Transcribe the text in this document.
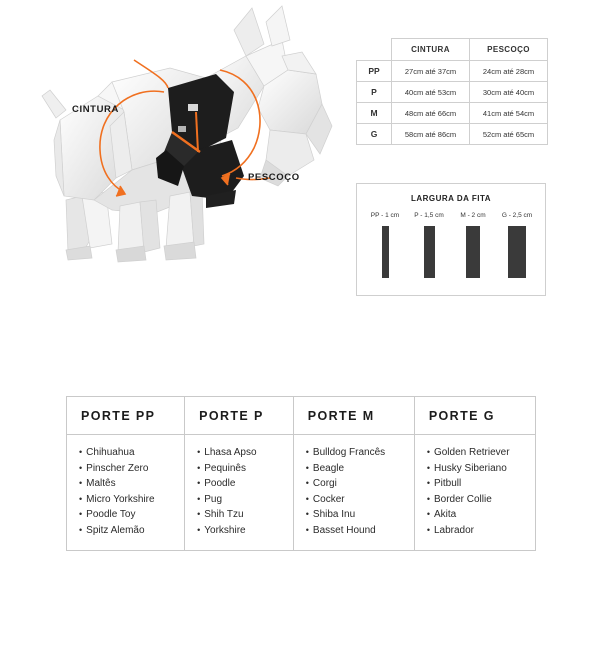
CINTURA
PESCOÇO
	CINTURA	PESCOÇO
PP	27cm até 37cm	24cm até 28cm
P	40cm até 53cm	30cm até 40cm
M	48cm até 66cm	41cm até 54cm
G	58cm até 86cm	52cm até 65cm
LARGURA DA FITA
PP - 1 cm	P - 1,5 cm	M - 2 cm	G - 2,5 cm
PORTE PP	PORTE P	PORTE M	PORTE G

• Chihuahua
• Pinscher Zero
• Maltês
• Micro Yorkshire
• Poodle Toy
• Spitz Alemão

• Lhasa Apso
• Pequinês
• Poodle
• Pug
• Shih Tzu
• Yorkshire

• Bulldog Francês
• Beagle
• Corgi
• Cocker
• Shiba Inu
• Basset Hound

• Golden Retriever
• Husky Siberiano
• Pitbull
• Border Collie
• Akita
• Labrador
